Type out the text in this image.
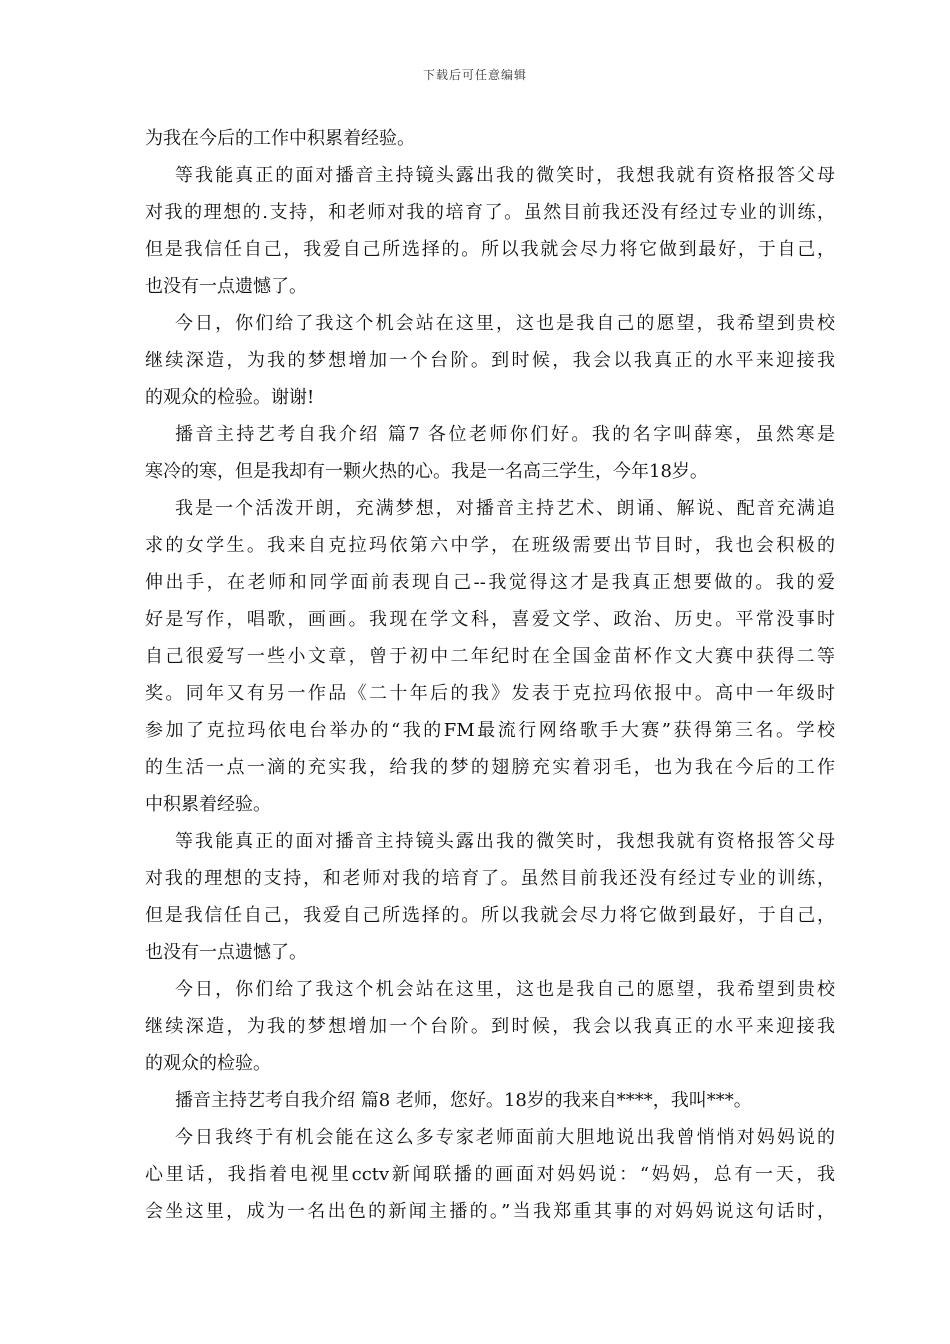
下载后可任意编辑
为我在今后的工作中积累着经验。
等我能真正的面对播音主持镜头露出我的微笑时，我想我就有资格报答父母
对我的理想的.支持，和老师对我的培育了。虽然目前我还没有经过专业的训练，
但是我信任自己，我爱自己所选择的。所以我就会尽力将它做到最好，于自己，
也没有一点遗憾了。
今日，你们给了我这个机会站在这里，这也是我自己的愿望，我希望到贵校
继续深造，为我的梦想增加一个台阶。到时候，我会以我真正的水平来迎接我
的观众的检验。谢谢!
播音主持艺考自我介绍 篇7 各位老师你们好。我的名字叫薛寒，虽然寒是
寒冷的寒，但是我却有一颗火热的心。我是一名高三学生，今年18岁。
我是一个活泼开朗，充满梦想，对播音主持艺术、朗诵、解说、配音充满追
求的女学生。我来自克拉玛依第六中学，在班级需要出节目时，我也会积极的
伸出手，在老师和同学面前表现自己--我觉得这才是我真正想要做的。我的爱
好是写作，唱歌，画画。我现在学文科，喜爱文学、政治、历史。平常没事时
自己很爱写一些小文章，曾于初中二年纪时在全国金苗杯作文大赛中获得二等
奖。同年又有另一作品《二十年后的我》发表于克拉玛依报中。高中一年级时
参加了克拉玛依电台举办的“我的FM最流行网络歌手大赛”获得第三名。学校
的生活一点一滴的充实我，给我的梦的翅膀充实着羽毛，也为我在今后的工作
中积累着经验。
等我能真正的面对播音主持镜头露出我的微笑时，我想我就有资格报答父母
对我的理想的支持，和老师对我的培育了。虽然目前我还没有经过专业的训练，
但是我信任自己，我爱自己所选择的。所以我就会尽力将它做到最好，于自己，
也没有一点遗憾了。
今日，你们给了我这个机会站在这里，这也是我自己的愿望，我希望到贵校
继续深造，为我的梦想增加一个台阶。到时候，我会以我真正的水平来迎接我
的观众的检验。
播音主持艺考自我介绍 篇8 老师，您好。18岁的我来自****，我叫***。
今日我终于有机会能在这么多专家老师面前大胆地说出我曾悄悄对妈妈说的
心里话，我指着电视里cctv新闻联播的画面对妈妈说：“妈妈，总有一天，我
会坐这里，成为一名出色的新闻主播的。”当我郑重其事的对妈妈说这句话时，
